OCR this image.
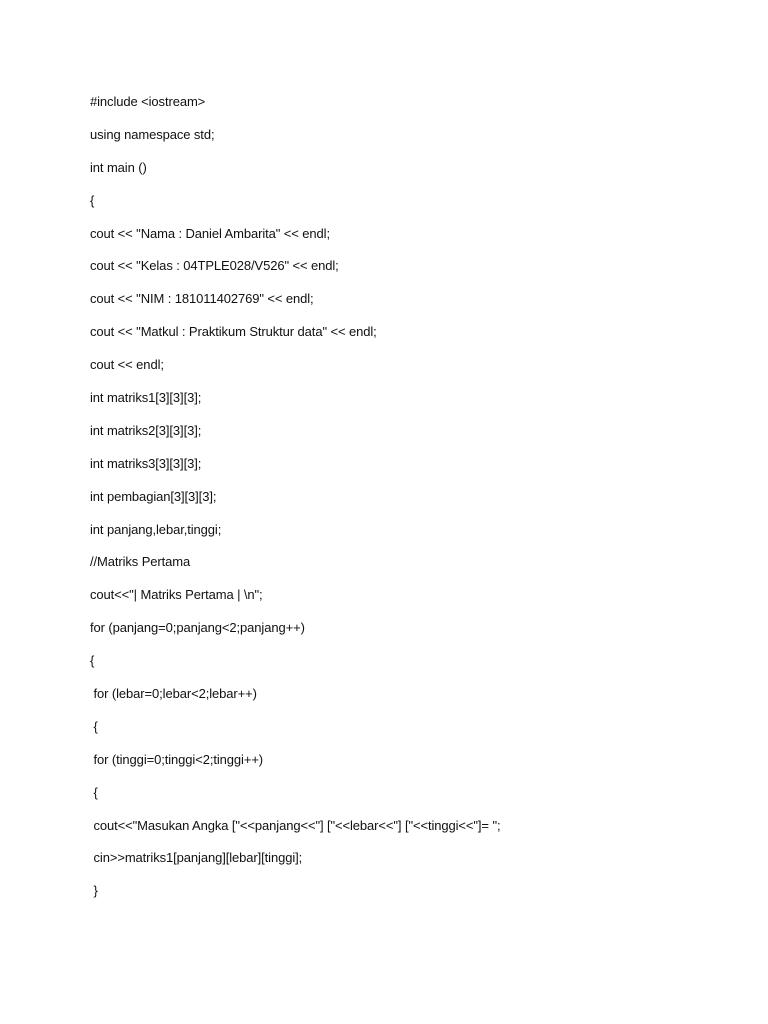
#include <iostream>
using namespace std;
int main ()
{
cout << "Nama : Daniel Ambarita" << endl;
cout << "Kelas : 04TPLE028/V526" << endl;
cout << "NIM : 181011402769" << endl;
cout << "Matkul : Praktikum Struktur data" << endl;
cout << endl;
int matriks1[3][3][3];
int matriks2[3][3][3];
int matriks3[3][3][3];
int pembagian[3][3][3];
int panjang,lebar,tinggi;
//Matriks Pertama
cout<<"| Matriks Pertama | \n";
for (panjang=0;panjang<2;panjang++)
{
for (lebar=0;lebar<2;lebar++)
{
for (tinggi=0;tinggi<2;tinggi++)
{
cout<<"Masukan Angka ["<<panjang<<"] ["<<lebar<<"] ["<<tinggi<<"]= ";
cin>>matriks1[panjang][lebar][tinggi];
}
